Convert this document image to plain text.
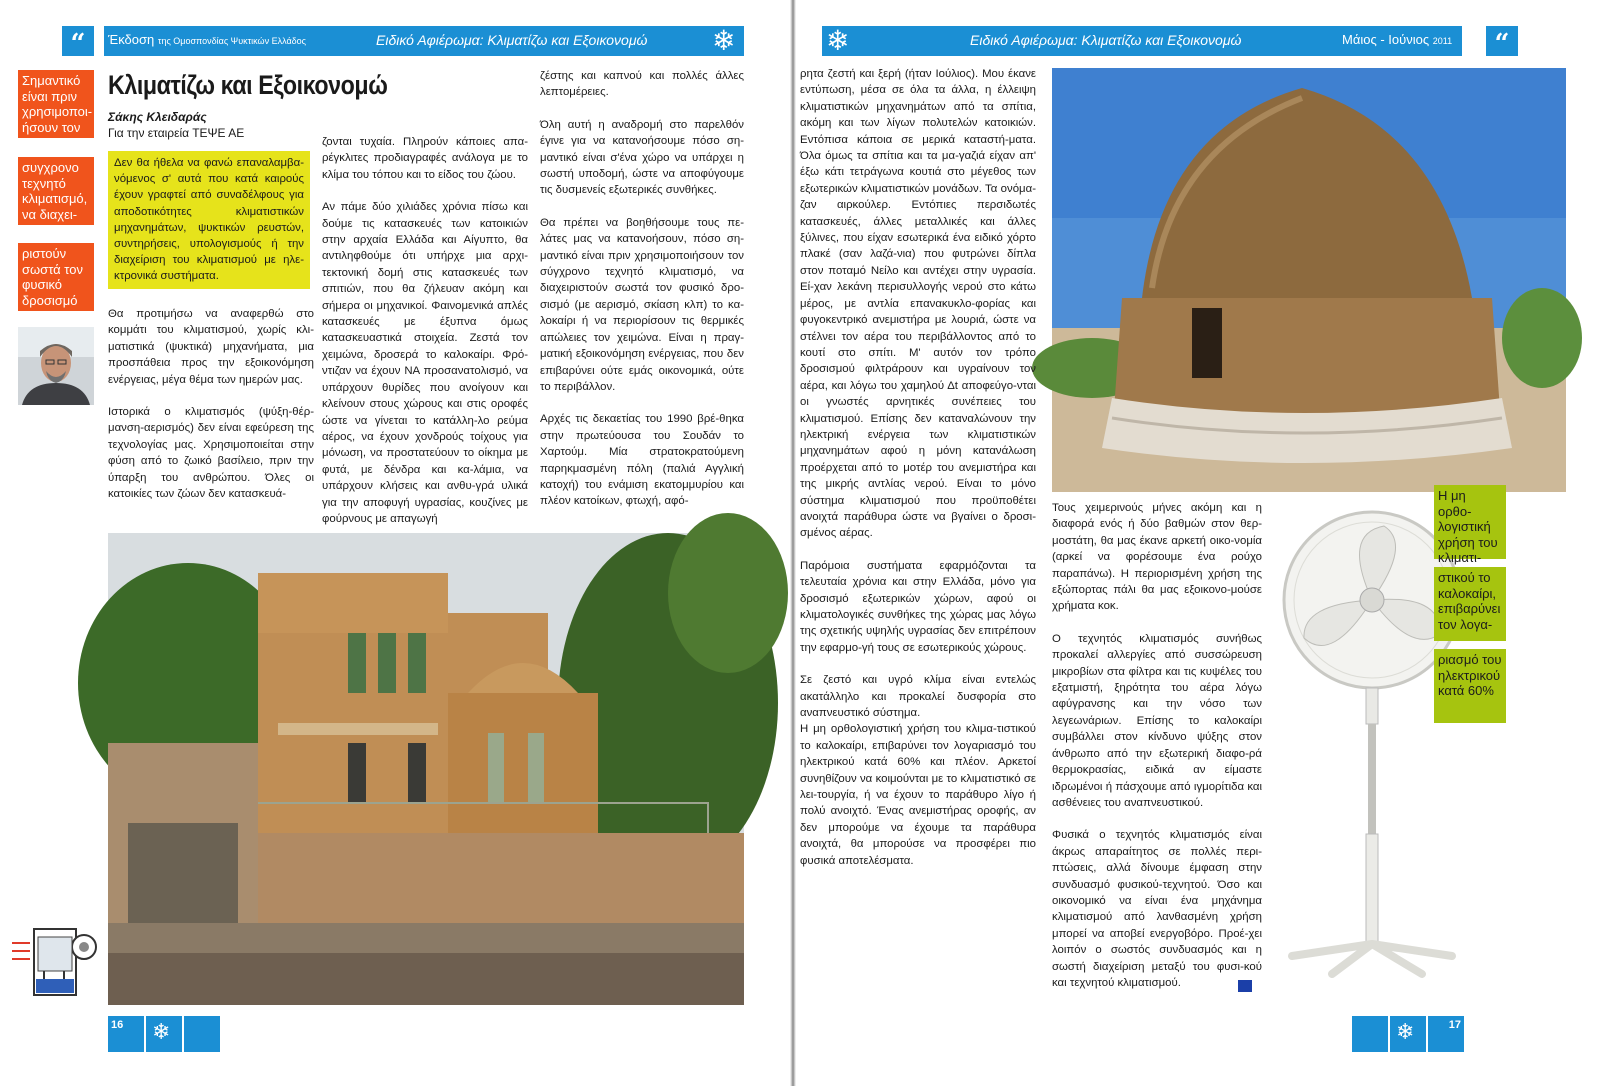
“	Έκδοση της Ομοσπονδίας Ψυκτικών Ελλάδος	Ειδικό Αφιέρωμα: Κλιματίζω και Εξοικονομώ ❄
Σημαντικό είναι πριν χρησιμοποι-ήσουν τον
συγχρονο τεχνητό κλιματισμό, να διαχει-
ριστούν σωστά τον φυσικό δροσισμό
Κλιματίζω και Εξοικονομώ
Σάκης Κλειδαράς
Για την εταιρεία ΤΕΨΕ ΑΕ
Δεν θα ήθελα να φανώ επαναλαμβα-νόμενος σ' αυτά που κατά καιρούς έχουν γραφτεί από συναδέλφους για αποδοτικότητες κλιματιστικών μηχανημάτων, ψυκτικών ρευστών, συντηρήσεις, υπολογισμούς ή την διαχείριση του κλιματισμού με ηλε-κτρονικά συστήματα.

Θα προτιμήσω να αναφερθώ στο κομμάτι του κλιματισμού, χωρίς κλι-ματιστικά (ψυκτικά) μηχανήματα, μια προσπάθεια προς την εξοικονόμηση ενέργειας, μέγα θέμα των ημερών μας.

Ιστορικά ο κλιματισμός (ψύξη-θέρ-μανση-αερισμός) δεν είναι εφεύρεση της τεχνολογίας μας. Χρησιμοποιείται στην φύση από το ζωικό βασίλειο, πριν την ύπαρξη του ανθρώπου. Όλες οι κατοικίες των ζώων δεν κατασκευά-

ζονται τυχαία. Πληρούν κάποιες απα-ρέγκλιτες προδιαγραφές ανάλογα με το κλίμα του τόπου και το είδος του ζώου.

Αν πάμε δύο χιλιάδες χρόνια πίσω και δούμε τις κατασκευές των κατοικιών στην αρχαία Ελλάδα και Αίγυπτο, θα αντιληφθούμε ότι υπήρχε μια αρχι-τεκτονική δομή στις κατασκευές των σπιτιών, που θα ζήλευαν ακόμη και σήμερα οι μηχανικοί. Φαινομενικά απλές κατασκευές με έξυπνα όμως κατασκευαστικά στοιχεία. Ζεστά τον χειμώνα, δροσερά το καλοκαίρι. Φρό-ντιζαν να έχουν ΝΑ προσανατολισμό, να υπάρχουν θυρίδες που ανοίγουν και κλείνουν στους χώρους και στις οροφές ώστε να γίνεται το κατάλλη-λο ρεύμα αέρος, να έχουν χονδρούς τοίχους για μόνωση, να προστατεύουν το οίκημα με φυτά, με δένδρα και κα-λάμια, να υπάρχουν κλήσεις και ανθυ-γρά υλικά για την αποφυγή υγρασίας, κουζίνες με φούρνους με απαγωγή

ζέστης και καπνού και πολλές άλλες λεπτομέρειες.

Όλη αυτή η αναδρομή στο παρελθόν έγινε για να κατανοήσουμε πόσο ση-μαντικό είναι σ'ένα χώρο να υπάρχει η σωστή υποδομή, ώστε να αποφύγουμε τις δυσμενείς εξωτερικές συνθήκες.

Θα πρέπει να βοηθήσουμε τους πε-λάτες μας να κατανοήσουν, πόσο ση-μαντικό είναι πριν χρησιμοποιήσουν τον σύγχρονο τεχνητό κλιματισμό, να διαχειριστούν σωστά τον φυσικό δρο-σισμό (με αερισμό, σκίαση κλπ) το κα-λοκαίρι ή να περιορίσουν τις θερμικές απώλειες τον χειμώνα. Είναι η πραγ-ματική εξοικονόμηση ενέργειας, που δεν επιβαρύνει ούτε εμάς οικονομικά, ούτε το περιβάλλον.

Αρχές τις δεκαετίας του 1990 βρέ-θηκα στην πρωτεύουσα του Σουδάν το Χαρτούμ. Μία στρατοκρατούμενη παρηκμασμένη πόλη (παλιά Αγγλική κατοχή) του ενάμιση εκατομμυρίου και πλέον κατοίκων, φτωχή, αφό-

16	❄
❄	Ειδικό Αφιέρωμα: Κλιματίζω και Εξοικονομώ	Μάιος - Ιούνιος 2011	“

ρητα ζεστή και ξερή (ήταν Ιούλιος). Μου έκανε εντύπωση, μέσα σε όλα τα άλλα, η έλλειψη κλιματιστικών μηχανημάτων από τα σπίτια, ακόμη και των λίγων πολυτελών κατοικιών. Εντόπισα κάποια σε μερικά καταστή-ματα. Όλα όμως τα σπίτια και τα μα-γαζιά είχαν απ' έξω κάτι τετράγωνα κουτιά στο μέγεθος των εξωτερικών κλιματιστικών μονάδων. Τα ονόμα-ζαν αιρκούλερ. Εντόπιες περσιδωτές κατασκευές, άλλες μεταλλικές και άλλες ξύλινες, που είχαν εσωτερικά ένα ειδικό χόρτο πλακέ (σαν λαζά-νια) που φυτρώνει δίπλα στον ποταμό Νείλο και αντέχει στην υγρασία. Εί-χαν λεκάνη περισυλλογής νερού στο κάτω μέρος, με αντλία επανακυκλο-φορίας και φυγοκεντρικό ανεμιστήρα με λουριά, ώστε να στέλνει τον αέρα του περιβάλλοντος από το κουτί στο σπίτι. Μ' αυτόν τον τρόπο δροσισμού φιλτράρουν και υγραίνουν τον αέρα, και λόγω του χαμηλού Δt αποφεύγο-νται οι γνωστές αρνητικές συνέπειες του κλιματισμού. Επίσης δεν καταναλώνουν την ηλεκτρική ενέργεια των κλιματιστικών μηχανημάτων αφού η μόνη κατανάλωση προέρχεται από το μοτέρ του ανεμιστήρα και της μικρής αντλίας νερού. Είναι το μόνο σύστημα κλιματισμού που προϋποθέτει ανοιχτά παράθυρα ώστε να βγαίνει ο δροσι-σμένος αέρας.

Παρόμοια συστήματα εφαρμόζονται τα τελευταία χρόνια και στην Ελλάδα, μόνο για δροσισμό εξωτερικών χώρων, αφού οι κλιματολογικές συνθήκες της χώρας μας λόγω της σχετικής υψηλής υγρασίας δεν επιτρέπουν την εφαρμο-γή τους σε εσωτερικούς χώρους.

Σε ζεστό και υγρό κλίμα είναι εντελώς ακατάλληλο και προκαλεί δυσφορία στο αναπνευστικό σύστημα.

Η μη ορθολογιστική χρήση του κλιμα-τιστικού το καλοκαίρι, επιβαρύνει τον λογαριασμό του ηλεκτρικού κατά 60% και πλέον. Αρκετοί συνηθίζουν να κοιμούνται με το κλιματιστικό σε λει-τουργία, ή να έχουν το παράθυρο λίγο ή πολύ ανοιχτό. Ένας ανεμιστήρας οροφής, αν δεν μπορούμε να έχουμε τα παράθυρα ανοιχτά, θα μπορούσε να προσφέρει πιο φυσικά αποτελέσματα.

Τους χειμερινούς μήνες ακόμη και η διαφορά ενός ή δύο βαθμών στον θερ-μοστάτη, θα μας έκανε αρκετή οικο-νομία (αρκεί να φορέσουμε ένα ρούχο παραπάνω). Η περιορισμένη χρήση της εξώπορτας πάλι θα μας εξοικονο-μούσε χρήματα κοκ.

Ο τεχνητός κλιματισμός συνήθως προκαλεί αλλεργίες από συσσώρευση μικροβίων στα φίλτρα και τις κυψέλες του εξατμιστή, ξηρότητα του αέρα λόγω αφύγρανσης και την νόσο των λεγεωνάριων. Επίσης το καλοκαίρι συμβάλλει στον κίνδυνο ψύξης στον άνθρωπο από την εξωτερική διαφο-ρά θερμοκρασίας, ειδικά αν είμαστε ιδρωμένοι ή πάσχουμε από ιγμορίτιδα και ασθένειες του αναπνευστικού.

Φυσικά ο τεχνητός κλιματισμός είναι άκρως απαραίτητος σε πολλές περι-πτώσεις, αλλά δίνουμε έμφαση στην συνδυασμό φυσικού-τεχνητού. Όσο και οικονομικό να είναι ένα μηχάνημα κλιματισμού από λανθασμένη χρήση μπορεί να αποβεί ενεργοβόρο. Προέ-χει λοιπόν ο σωστός συνδυασμός και η σωστή διαχείριση μεταξύ του φυσι-κού και τεχνητού κλιματισμού.

Η μη ορθο-λογιστική χρήση του κλιματι-
στικού το καλοκαίρι, επιβαρύνει τον λογα-
ριασμό του ηλεκτρικού κατά 60%
❄	17
